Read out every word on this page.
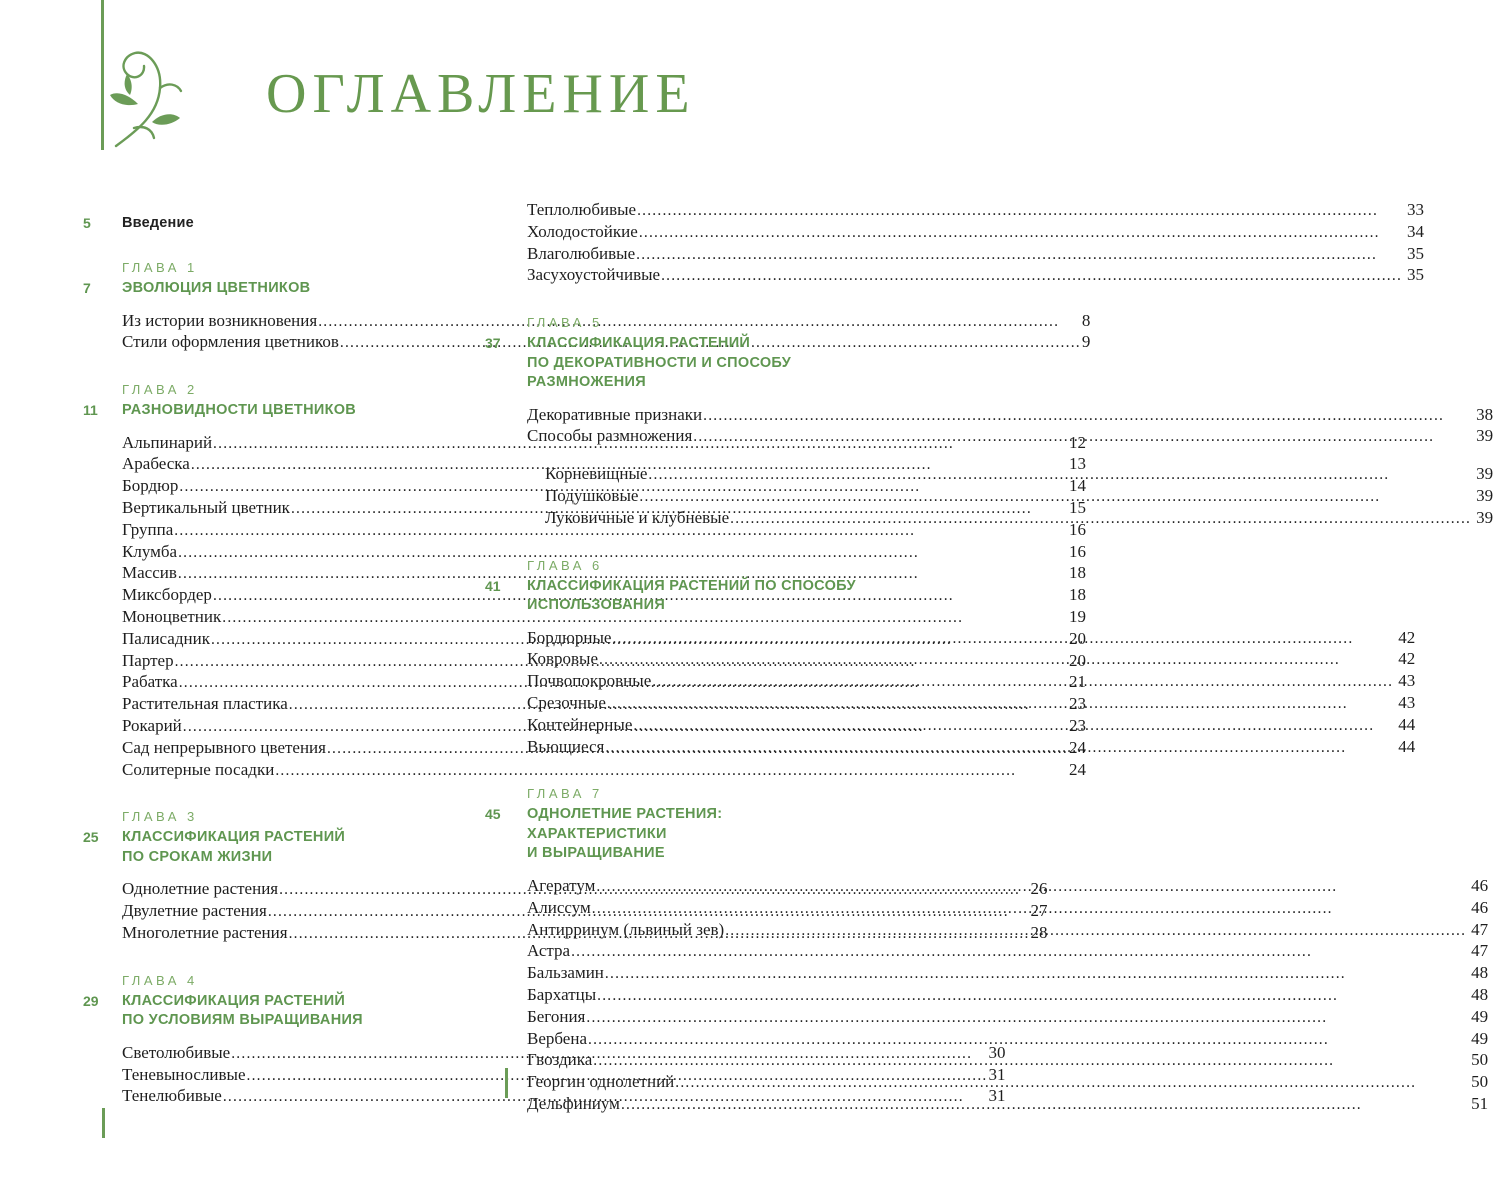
ОГЛАВЛЕНИЕ
5	Введение
ГЛАВА 1
7	ЭВОЛЮЦИЯ ЦВЕТНИКОВ
Из истории возникновения .....	8
Стили оформления цветников .....	9
ГЛАВА 2
11	РАЗНОВИДНОСТИ ЦВЕТНИКОВ
Альпинарий .....	12
Арабеска .....	13
Бордюр .....	14
Вертикальный цветник .....	15
Группа .....	16
Клумба .....	16
Массив .....	18
Миксбордер .....	18
Моноцветник .....	19
Палисадник .....	20
Партер .....	20
Рабатка .....	21
Растительная пластика .....	23
Рокарий .....	23
Сад непрерывного цветения .....	24
Солитерные посадки .....	24
ГЛАВА 3
25	КЛАССИФИКАЦИЯ РАСТЕНИЙ
ПО СРОКАМ ЖИЗНИ
Однолетние растения .....	26
Двулетние растения .....	27
Многолетние растения .....	28
ГЛАВА 4
29	КЛАССИФИКАЦИЯ РАСТЕНИЙ
ПО УСЛОВИЯМ ВЫРАЩИВАНИЯ
Светолюбивые .....	30
Теневыносливые .....	31
Тенелюбивые .....	31
Теплолюбивые .....	33
Холодостойкие .....	34
Влаголюбивые .....	35
Засухоустойчивые .....	35
ГЛАВА 5
37	КЛАССИФИКАЦИЯ РАСТЕНИЙ
ПО ДЕКОРАТИВНОСТИ И СПОСОБУ
РАЗМНОЖЕНИЯ
Декоративные признаки .....	38
Способы размножения .....	39
Корневищные .....	39
Подушковые .....	39
Луковичные и клубневые .....	39
ГЛАВА 6
41	КЛАССИФИКАЦИЯ РАСТЕНИЙ ПО СПОСОБУ
ИСПОЛЬЗОВАНИЯ
Бордюрные .....	42
Ковровые .....	42
Почвопокровные .....	43
Срезочные .....	43
Контейнерные .....	44
Вьющиеся .....	44
ГЛАВА 7
45	ОДНОЛЕТНИЕ РАСТЕНИЯ: ХАРАКТЕРИСТИКИ
И ВЫРАЩИВАНИЕ
Агератум .....	46
Алиссум .....	46
Антирринум (львиный зев) .....	47
Астра .....	47
Бальзамин .....	48
Бархатцы .....	48
Бегония .....	49
Вербена .....	49
Гвоздика .....	50
Георгин однолетний .....	50
Дельфиниум .....	51
